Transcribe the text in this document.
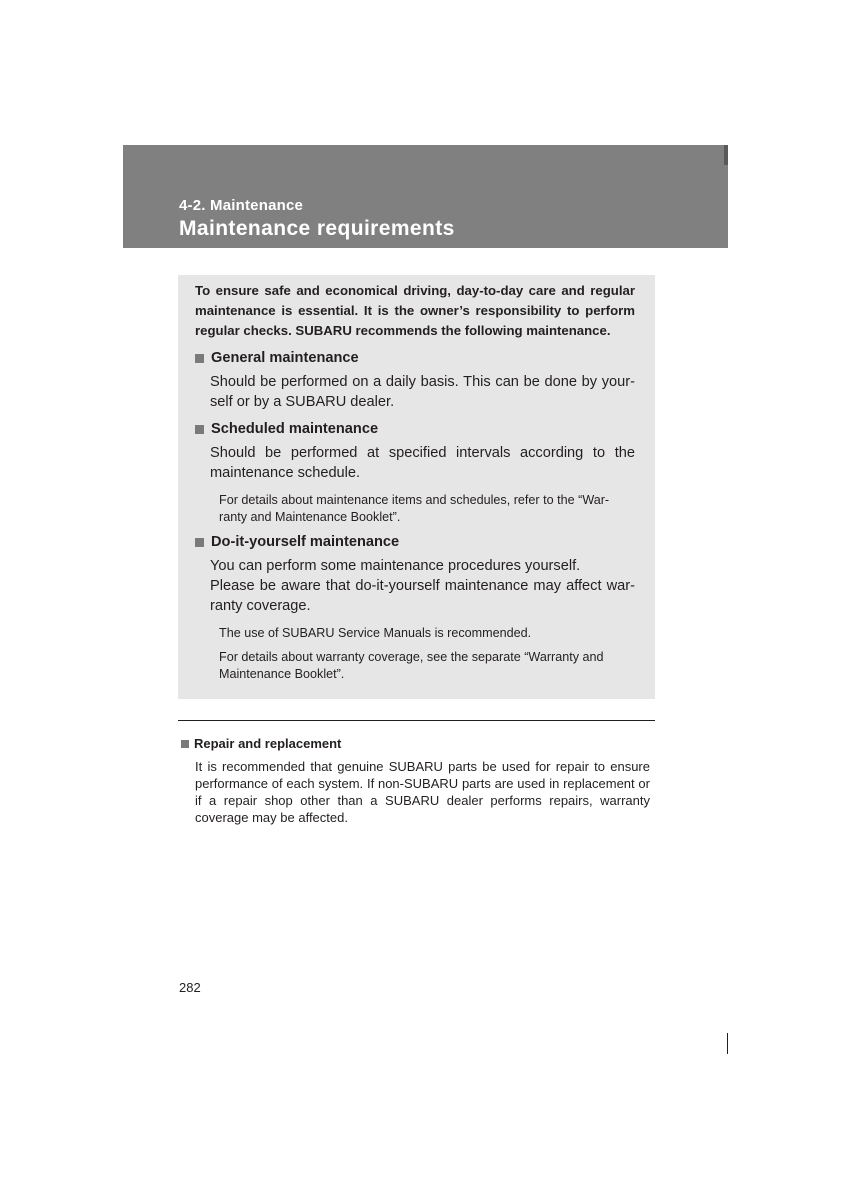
4-2. Maintenance
Maintenance requirements

To ensure safe and economical driving, day-to-day care and regular maintenance is essential. It is the owner’s responsibility to perform regular checks. SUBARU recommends the following maintenance.

General maintenance

Should be performed on a daily basis. This can be done by your-self or by a SUBARU dealer.

Scheduled maintenance

Should be performed at specified intervals according to the maintenance schedule.

For details about maintenance items and schedules, refer to the “War-ranty and Maintenance Booklet”.

Do-it-yourself maintenance

You can perform some maintenance procedures yourself.

Please be aware that do-it-yourself maintenance may affect war-ranty coverage.

The use of SUBARU Service Manuals is recommended.

For details about warranty coverage, see the separate “Warranty and Maintenance Booklet”.

Repair and replacement

It is recommended that genuine SUBARU parts be used for repair to ensure performance of each system. If non-SUBARU parts are used in replacement or if a repair shop other than a SUBARU dealer performs repairs, warranty coverage may be affected.

282
